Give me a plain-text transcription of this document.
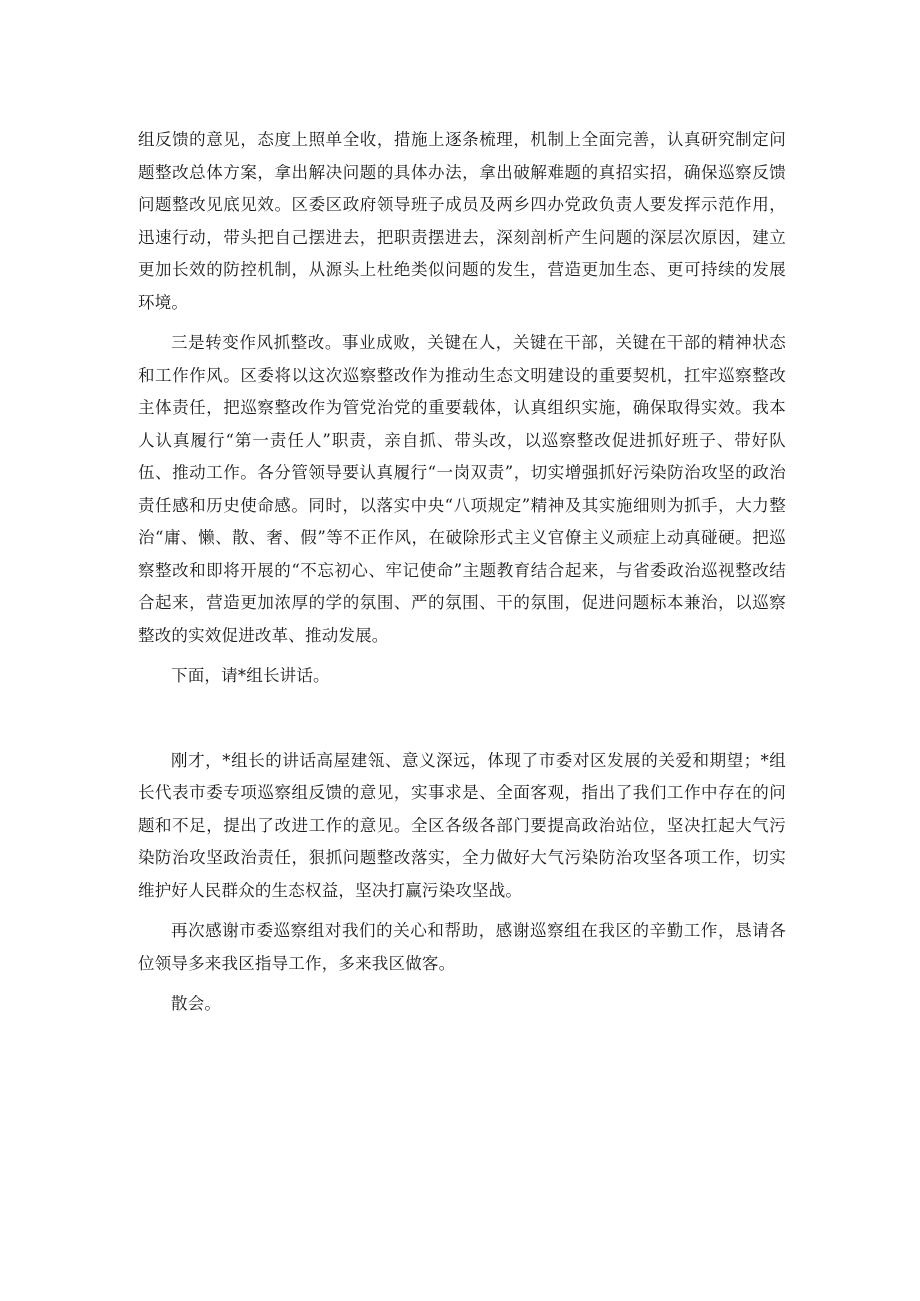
组反馈的意见，态度上照单全收，措施上逐条梳理，机制上全面完善，认真研究制定问题整改总体方案，拿出解决问题的具体办法，拿出破解难题的真招实招，确保巡察反馈问题整改见底见效。区委区政府领导班子成员及两乡四办党政负责人要发挥示范作用，迅速行动，带头把自己摆进去，把职责摆进去，深刻剖析产生问题的深层次原因，建立更加长效的防控机制，从源头上杜绝类似问题的发生，营造更加生态、更可持续的发展环境。

三是转变作风抓整改。事业成败，关键在人，关键在干部，关键在干部的精神状态和工作作风。区委将以这次巡察整改作为推动生态文明建设的重要契机，扛牢巡察整改主体责任，把巡察整改作为管党治党的重要载体，认真组织实施，确保取得实效。我本人认真履行“第一责任人”职责，亲自抓、带头改，以巡察整改促进抓好班子、带好队伍、推动工作。各分管领导要认真履行“一岗双责”，切实增强抓好污染防治攻坚的政治责任感和历史使命感。同时，以落实中央“八项规定”精神及其实施细则为抓手，大力整治“庸、懒、散、奢、假”等不正作风，在破除形式主义官僚主义顽症上动真碰硬。把巡察整改和即将开展的“不忘初心、牢记使命”主题教育结合起来，与省委政治巡视整改结合起来，营造更加浓厚的学的氛围、严的氛围、干的氛围，促进问题标本兼治，以巡察整改的实效促进改革、推动发展。

下面，请*组长讲话。

刚才，*组长的讲话高屋建瓴、意义深远，体现了市委对区发展的关爱和期望；*组长代表市委专项巡察组反馈的意见，实事求是、全面客观，指出了我们工作中存在的问题和不足，提出了改进工作的意见。全区各级各部门要提高政治站位，坚决扛起大气污染防治攻坚政治责任，狠抓问题整改落实，全力做好大气污染防治攻坚各项工作，切实维护好人民群众的生态权益，坚决打赢污染攻坚战。

再次感谢市委巡察组对我们的关心和帮助，感谢巡察组在我区的辛勤工作，恳请各位领导多来我区指导工作，多来我区做客。

散会。
